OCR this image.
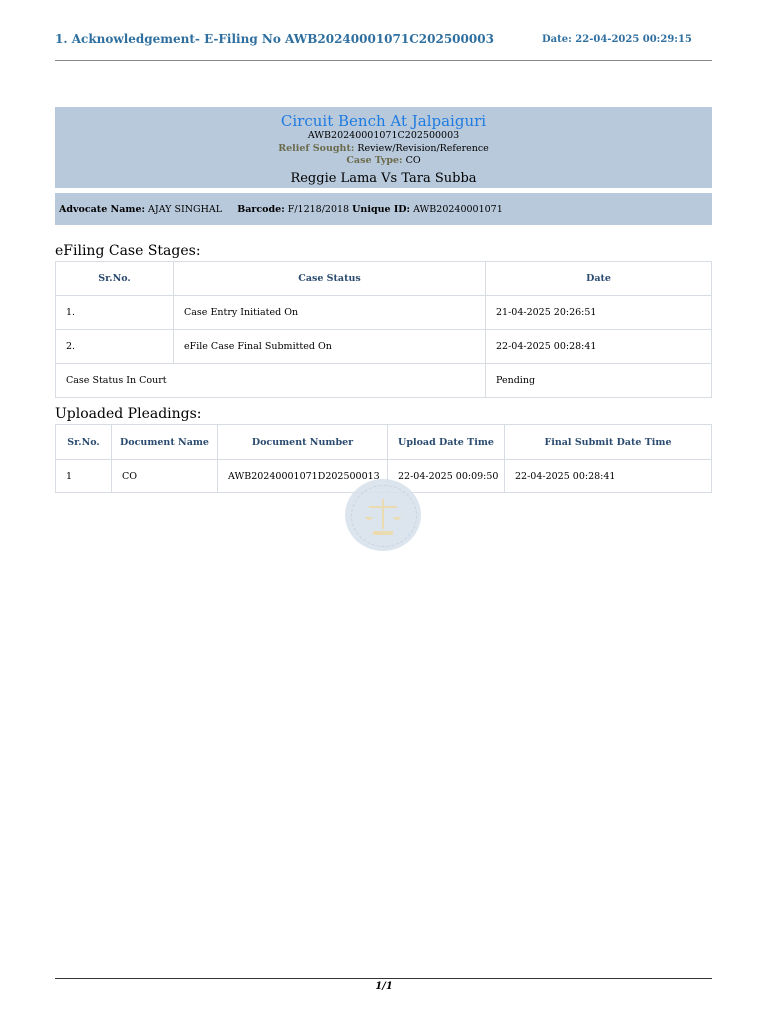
1. Acknowledgement- E-Filing No AWB20240001071C202500003	Date: 22-04-2025 00:29:15
Circuit Bench At Jalpaiguri
AWB20240001071C202500003
Relief Sought: Review/Revision/Reference
Case Type: CO
Reggie Lama Vs Tara Subba
Advocate Name: AJAY SINGHAL Barcode: F/1218/2018 Unique ID: AWB20240001071
eFiling Case Stages:
Sr.No.	Case Status	Date
1.	Case Entry Initiated On	21-04-2025 20:26:51
2.	eFile Case Final Submitted On	22-04-2025 00:28:41
Case Status In Court		Pending
Uploaded Pleadings:
Sr.No.	Document Name	Document Number	Upload Date Time	Final Submit Date Time
1	CO	AWB20240001071D202500013	22-04-2025 00:09:50	22-04-2025 00:28:41
1/1
